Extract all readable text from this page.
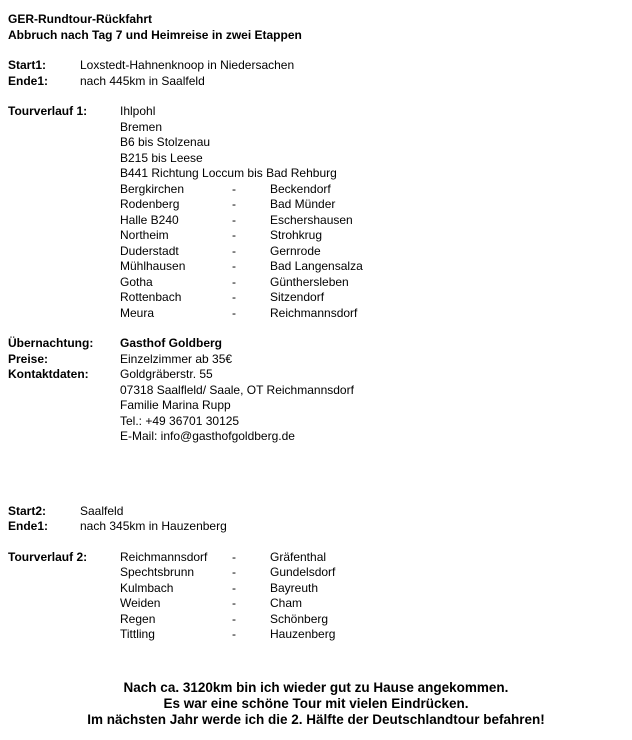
GER-Rundtour-Rückfahrt
Abbruch nach Tag 7 und Heimreise in zwei Etappen
Start1:	Loxstedt-Hahnenknoop in Niedersachen
Ende1:	nach 445km in Saalfeld
Tourverlauf 1:	Ihlpohl
Bremen
B6 bis Stolzenau
B215 bis Leese
B441 Richtung Loccum bis Bad Rehburg
Bergkirchen	-	Beckendorf
Rodenberg	-	Bad Münder
Halle B240	-	Eschershausen
Northeim	-	Strohkrug
Duderstadt	-	Gernrode
Mühlhausen	-	Bad Langensalza
Gotha	-	Günthersleben
Rottenbach	-	Sitzendorf
Meura	-	Reichmannsdorf
Übernachtung:	Gasthof Goldberg
Preise:	Einzelzimmer ab 35€
Kontaktdaten:	Goldgräberstr. 55
07318 Saalfleld/ Saale, OT Reichmannsdorf
Familie Marina Rupp
Tel.: +49 36701 30125
E-Mail: info@gasthofgoldberg.de
Start2:	Saalfeld
Ende1:	nach 345km in Hauzenberg
Tourverlauf 2:	Reichmannsdorf	-	Gräfenthal
Spechtsbrunn	-	Gundelsdorf
Kulmbach	-	Bayreuth
Weiden	-	Cham
Regen	-	Schönberg
Tittling	-	Hauzenberg
Nach ca. 3120km bin ich wieder gut zu Hause angekommen.
Es war eine schöne Tour mit vielen Eindrücken.
Im nächsten Jahr werde ich die 2. Hälfte der Deutschlandtour befahren!
